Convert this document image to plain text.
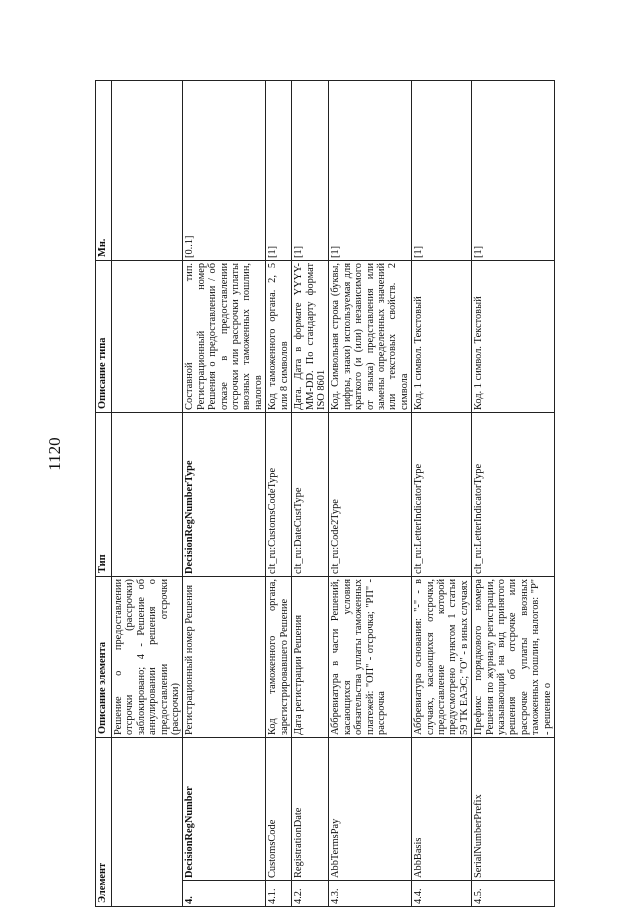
1120
Элемент		Описание элемента	Тип	Описание типа	Мн.
		Решение о предоставлении отсрочки (рассрочки) заблокировано; 4 - Решение об аннулировании решения о предоставлении отсрочки (рассрочки)			
4.	DecisionRegNumber	Регистрационный номер Решения	DecisionRegNumberType	Составной тип. Регистрационный номер Решения о предоставлении / об отказе в предоставлении отсрочки или рассрочки уплаты ввозных таможенных пошлин, налогов	[0..1]
4.1.	CustomsCode	Код таможенного органа, зарегистрировавшего Решение	clt_ru:CustomsCodeType	Код таможенного органа. 2, 5 или 8 символов	[1]
4.2.	RegistrationDate	Дата регистрации Решения	clt_ru:DateCustType	Дата. Дата в формате YYYY-MM-DD. По стандарту формат ISO 8601	[1]
4.3.	AbbTermsPay	Аббревиатура в части Решений, касающихся условия обязательства уплаты таможенных платежей: "ОП" - отсрочка; "РП" - рассрочка	clt_ru:Code2Type	Код. Символьная строка (буквы, цифры, знаки) используемая для краткого (и (или) независимого от языка) представления или замены определенных значений или текстовых свойств. 2 символа	[1]
4.4.	AbbBasis	Аббревиатура основания: "-" - в случаях, касающихся отсрочки, предоставление которой предусмотрено пунктом 1 статьи 59 ТК ЕАЭС; "О" - в иных случаях	clt_ru:LetterIndicatorType	Код. 1 символ. Текстовый	[1]
4.5.	SerialNumberPrefix	Префикс порядкового номера Решения по журналу регистрации, указывающий на вид принятого решения об отсрочке или рассрочке уплаты ввозных таможенных пошлин, налогов: "Р" - решение о	clt_ru:LetterIndicatorType	Код. 1 символ. Текстовый	[1]
